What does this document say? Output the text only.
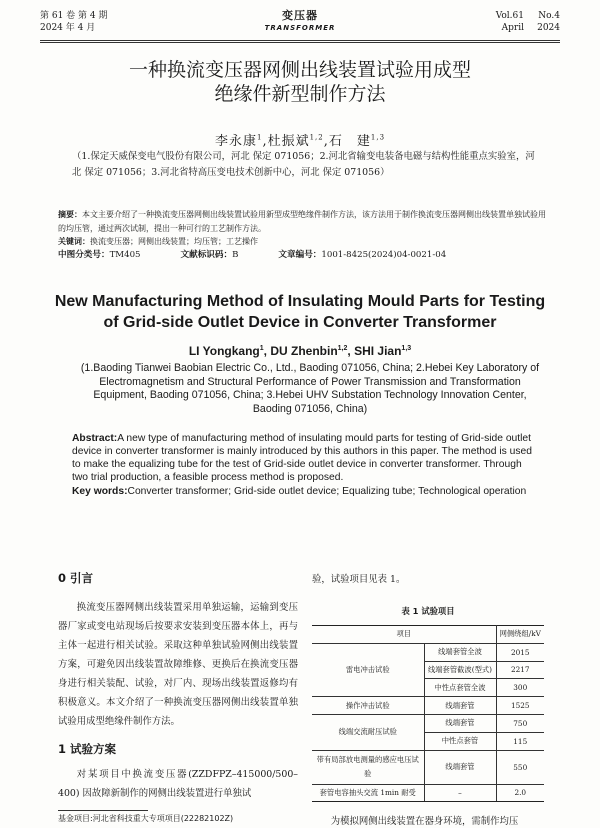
第 61 卷 第 4 期
2024 年 4 月
变压器
TRANSFORMER
Vol.61 No.4
April 2024
一种换流变压器网侧出线装置试验用成型
绝缘件新型制作方法
李永康$^1$,杜振斌$^{1,2}$,石　建$^{1,3}$
（1.保定天威保变电气股份有限公司，河北 保定 071056；2.河北省输变电装备电磁与结构性能重点实验室，河北 保定 071056；3.河北省特高压变电技术创新中心，河北 保定 071056）
摘要：本文主要介绍了一种换流变压器网侧出线装置试验用新型成型绝缘件制作方法，该方法用于制作换流变压器网侧出线装置单独试验用的均压管，通过两次试制，提出一种可行的工艺制作方法。
关键词：换流变压器；网侧出线装置；均压管；工艺操作
中图分类号：TM405	文献标识码：B	文章编号：1001-8425(2024)04-0021-04
New Manufacturing Method of Insulating Mould Parts for Testing
of Grid-side Outlet Device in Converter Transformer
LI Yongkang$^1$, DU Zhenbin$^{1,2}$, SHI Jian$^{1,3}$
(1.Baoding Tianwei Baobian Electric Co., Ltd., Baoding 071056, China; 2.Hebei Key Laboratory of Electromagnetism and Structural Performance of Power Transmission and Transformation Equipment, Baoding 071056, China; 3.Hebei UHV Substation Technology Innovation Center, Baoding 071056, China)
Abstract:A new type of manufacturing method of insulating mould parts for testing of Grid-side outlet device in converter transformer is mainly introduced by this authors in this paper. The method is used to make the equalizing tube for the test of Grid-side outlet device in converter transformer. Through two trial production, a feasible process method is proposed.
Key words:Converter transformer; Grid-side outlet device; Equalizing tube; Technological operation
0 引言
换流变压器网侧出线装置采用单独运输，运输到变压器厂家或变电站现场后按要求安装到变压器本体上，再与主体一起进行相关试验。采取这种单独试验网侧出线装置方案，可避免因出线装置故障维修、更换后在换流变压器身进行相关装配、试验，对厂内、现场出线装置返修均有积极意义。本文介绍了一种换流变压器网侧出线装置单独试验用成型绝缘件制作方法。
1 试验方案
对某项目中换流变压器(ZZDFPZ–415000/500–400) 因故障新制作的网侧出线装置进行单独试
验，试验项目见表 1。
表 1 试验项目
项目		网侧绕组/kV
雷电冲击试验	线端套管全波	2015
	线端套管截波(型式)	2217
	中性点套管全波	300
操作冲击试验	线端套管	1525
线端交流耐压试验	线端套管	750
	中性点套管	115
带有局部放电测量的感应电压试验	线端套管	550
套管电容抽头交流 1min 耐受	–	2.0
为模拟网侧出线装置在器身环境，需制作均压
基金项目:河北省科技重大专项项目(22282102Z)
